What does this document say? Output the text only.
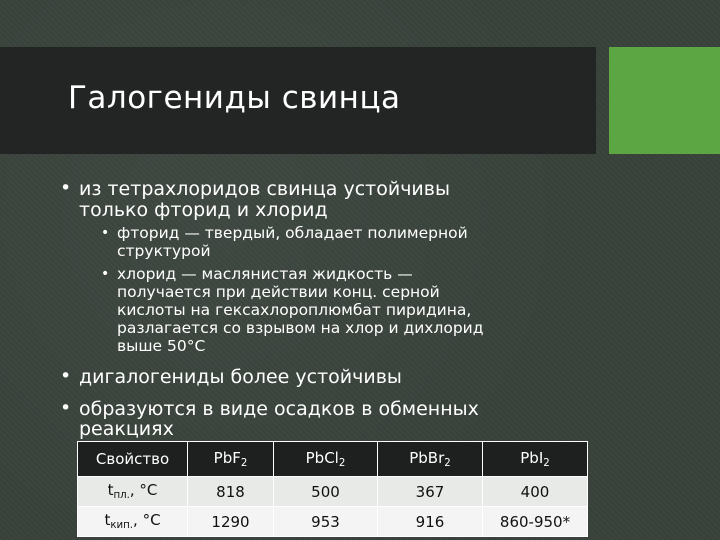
Галогениды свинца
• из тетрахлоридов свинца устойчивы
только фторид и хлорид
• фторид — твердый, обладает полимерной
структурой
• хлорид — маслянистая жидкость —
получается при действии конц. серной
кислоты на гексахлороплюмбат пиридина,
разлагается со взрывом на хлор и дихлорид
выше 50°С
• дигалогениды более устойчивы
• образуются в виде осадков в обменных
реакциях
Свойство	PbF$_2$	PbCl$_2$	PbBr$_2$	PbI$_2$
$t_{пл.}$, °C	818	500	367	400
$t_{кип.}$, °C	1290	953	916	860-950*
